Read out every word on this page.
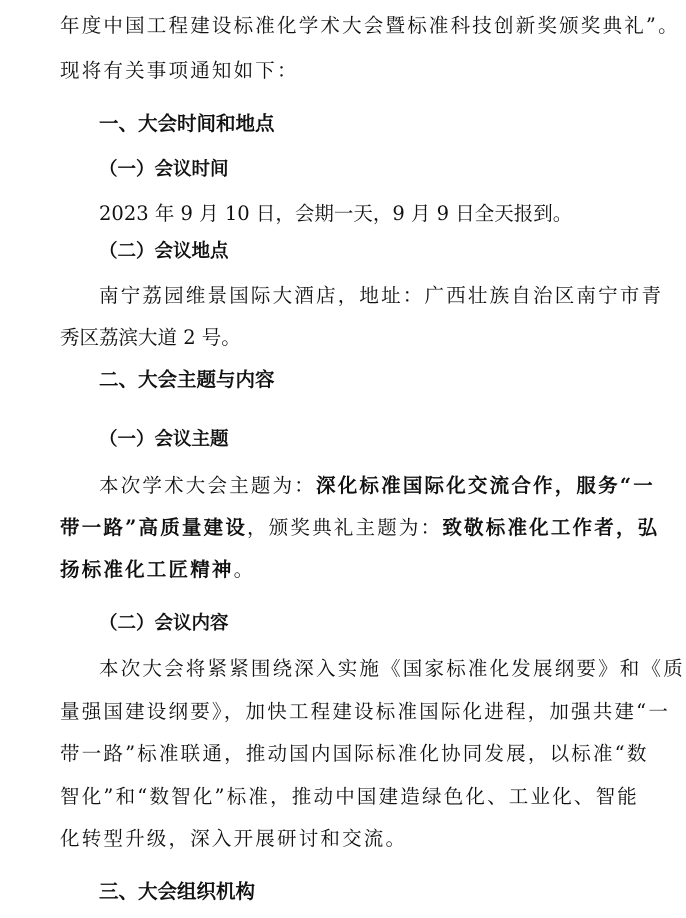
年度中国工程建设标准化学术大会暨标准科技创新奖颁奖典礼”。
现将有关事项通知如下：
一、大会时间和地点
（一）会议时间
2023 年 9 月 10 日，会期一天，9 月 9 日全天报到。
（二）会议地点
南宁荔园维景国际大酒店，地址：广西壮族自治区南宁市青
秀区荔滨大道 2 号。
二、大会主题与内容
（一）会议主题
本次学术大会主题为：深化标准国际化交流合作，服务“一
带一路”高质量建设，颁奖典礼主题为：致敬标准化工作者，弘
扬标准化工匠精神。
（二）会议内容
本次大会将紧紧围绕深入实施《国家标准化发展纲要》和《质
量强国建设纲要》，加快工程建设标准国际化进程，加强共建“一
带一路”标准联通，推动国内国际标准化协同发展，以标准“数
智化”和“数智化”标准，推动中国建造绿色化、工业化、智能
化转型升级，深入开展研讨和交流。
三、大会组织机构
